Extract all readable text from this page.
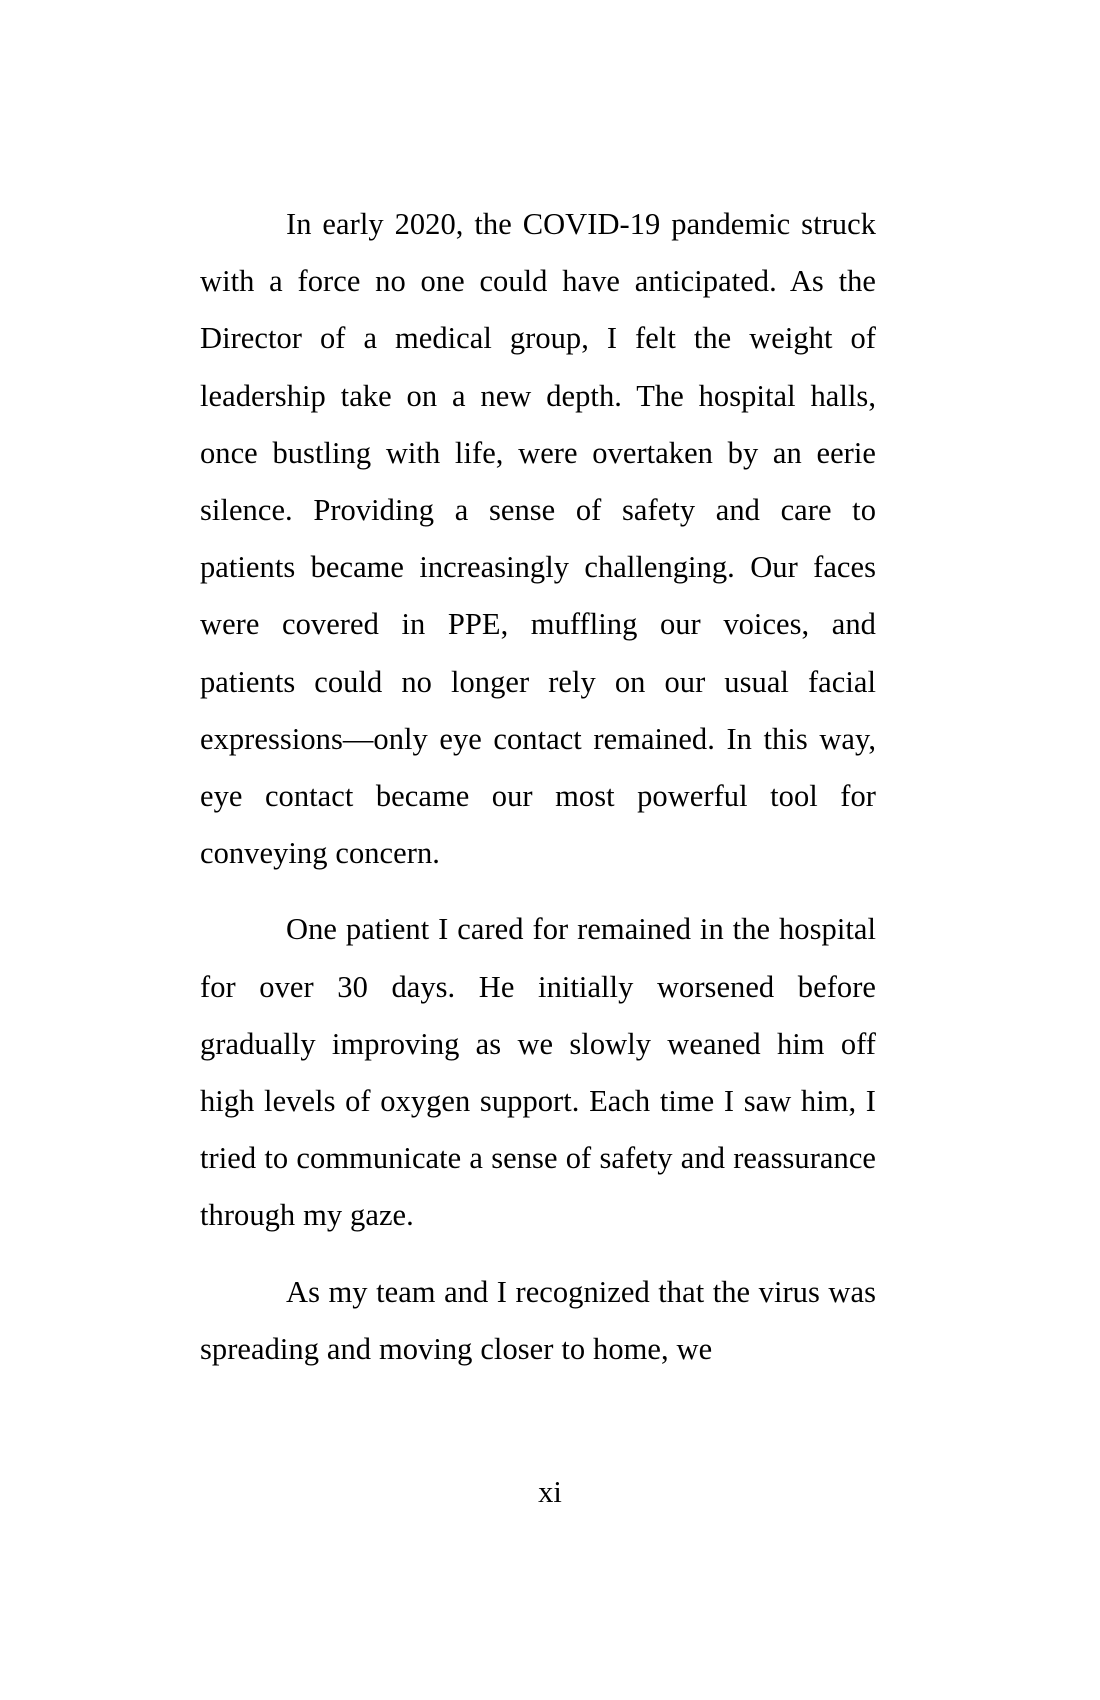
In early 2020, the COVID-19 pandemic struck with a force no one could have anticipated. As the Director of a medical group, I felt the weight of leadership take on a new depth. The hospital halls, once bustling with life, were overtaken by an eerie silence. Providing a sense of safety and care to patients became increasingly challenging. Our faces were covered in PPE, muffling our voices, and patients could no longer rely on our usual facial expressions—only eye contact remained. In this way, eye contact became our most powerful tool for conveying concern.

One patient I cared for remained in the hospital for over 30 days. He initially worsened before gradually improving as we slowly weaned him off high levels of oxygen support. Each time I saw him, I tried to communicate a sense of safety and reassurance through my gaze.

As my team and I recognized that the virus was spreading and moving closer to home, we

xi
